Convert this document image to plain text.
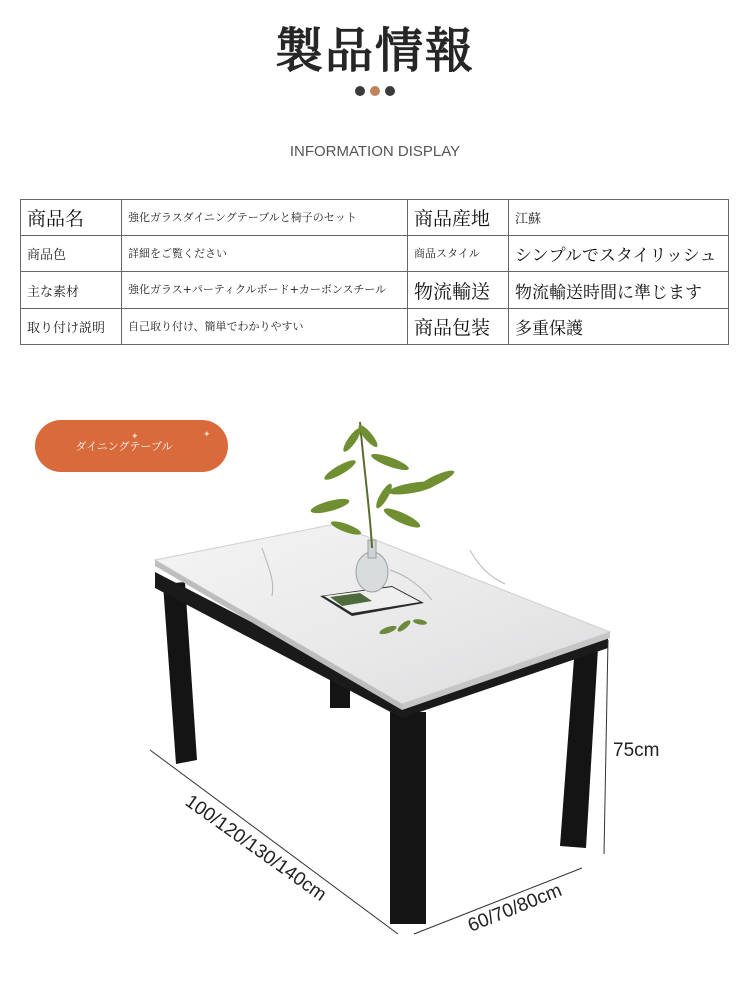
製品情報
INFORMATION DISPLAY
商品名	強化ガラスダイニングテーブルと椅子のセット	商品産地	江蘇
商品色	詳細をご覧ください	商品スタイル	シンプルでスタイリッシュ
主な素材	強化ガラス+パーティクルボード+カーボンスチール	物流輸送	物流輸送時間に準じます
取り付け説明	自己取り付け、簡単でわかりやすい	商品包装	多重保護
✦	✦
ダイニングテーブル
75cm
100/120/130/140cm
60/70/80cm
